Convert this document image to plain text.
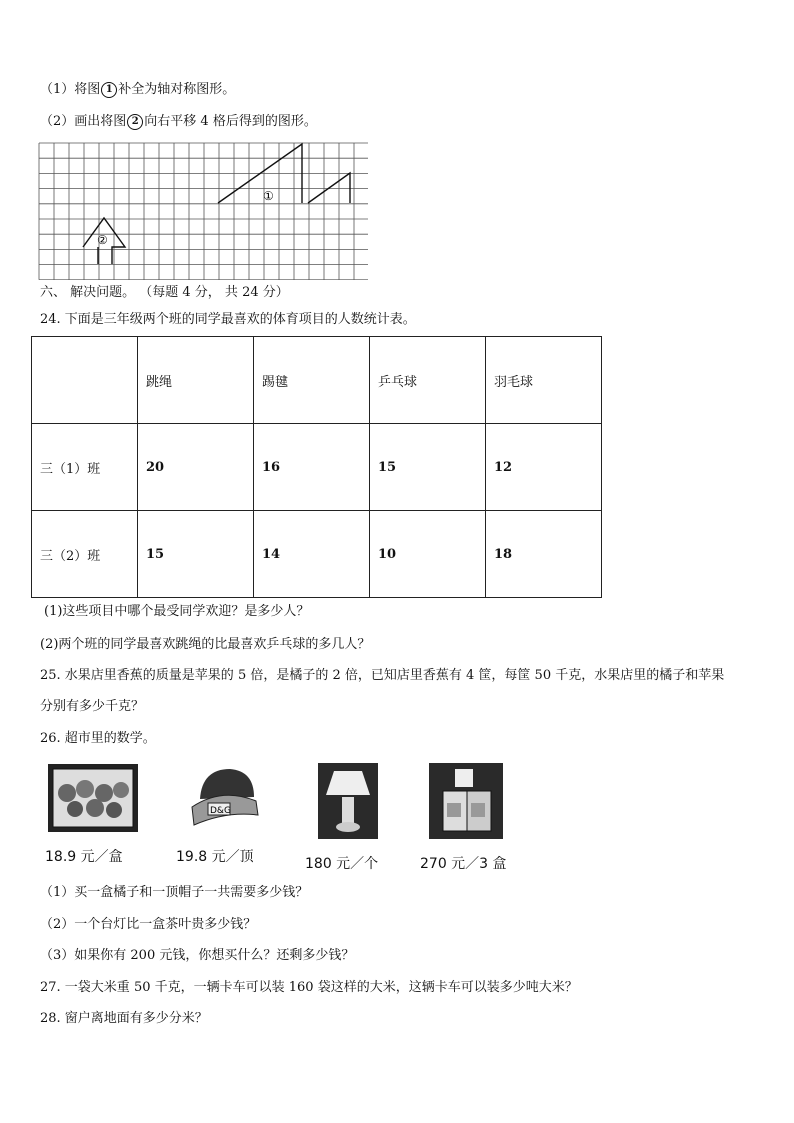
（1）将图 1 补全为轴对称图形。
（2）画出将图 2 向右平移 4 格后得到的图形。
①
②
六、 解决问题。 （每题 4 分， 共 24 分）
24. 下面是三年级两个班的同学最喜欢的体育项目的人数统计表。
	跳绳	踢毽	乒乓球	羽毛球
三（1）班	20	16	15	12
三（2）班	15	14	10	18
(1)这些项目中哪个最受同学欢迎？是多少人？
(2)两个班的同学最喜欢跳绳的比最喜欢乒乓球的多几人？
25. 水果店里香蕉的质量是苹果的 5 倍，是橘子的 2 倍，已知店里香蕉有 4 筐，每筐 50 千克，水果店里的橘子和苹果
分别有多少千克？
26. 超市里的数学。
D&G
18.9 元／盒	19.8 元／顶	180 元／个	270 元／3 盒
（1）买一盒橘子和一顶帽子一共需要多少钱？
（2）一个台灯比一盒茶叶贵多少钱？
（3）如果你有 200 元钱，你想买什么？还剩多少钱？
27. 一袋大米重 50 千克，一辆卡车可以装 160 袋这样的大米，这辆卡车可以装多少吨大米？
28. 窗户离地面有多少分米？
